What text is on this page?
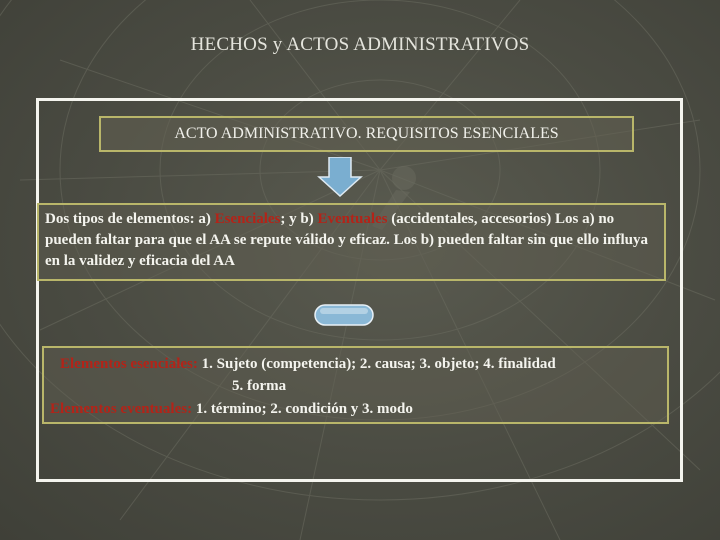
HECHOS y ACTOS ADMINISTRATIVOS
ACTO ADMINISTRATIVO. REQUISITOS ESENCIALES
Dos tipos de elementos: a) Esenciales; y b) Eventuales (accidentales, accesorios) Los a) no pueden faltar para que el AA se repute válido y eficaz. Los b) pueden faltar sin que ello influya en la validez y eficacia del AA
Elementos esenciales: 1. Sujeto (competencia); 2. causa; 3. objeto; 4. finalidad
5. forma
Elementos eventuales: 1. término; 2. condición y 3. modo
